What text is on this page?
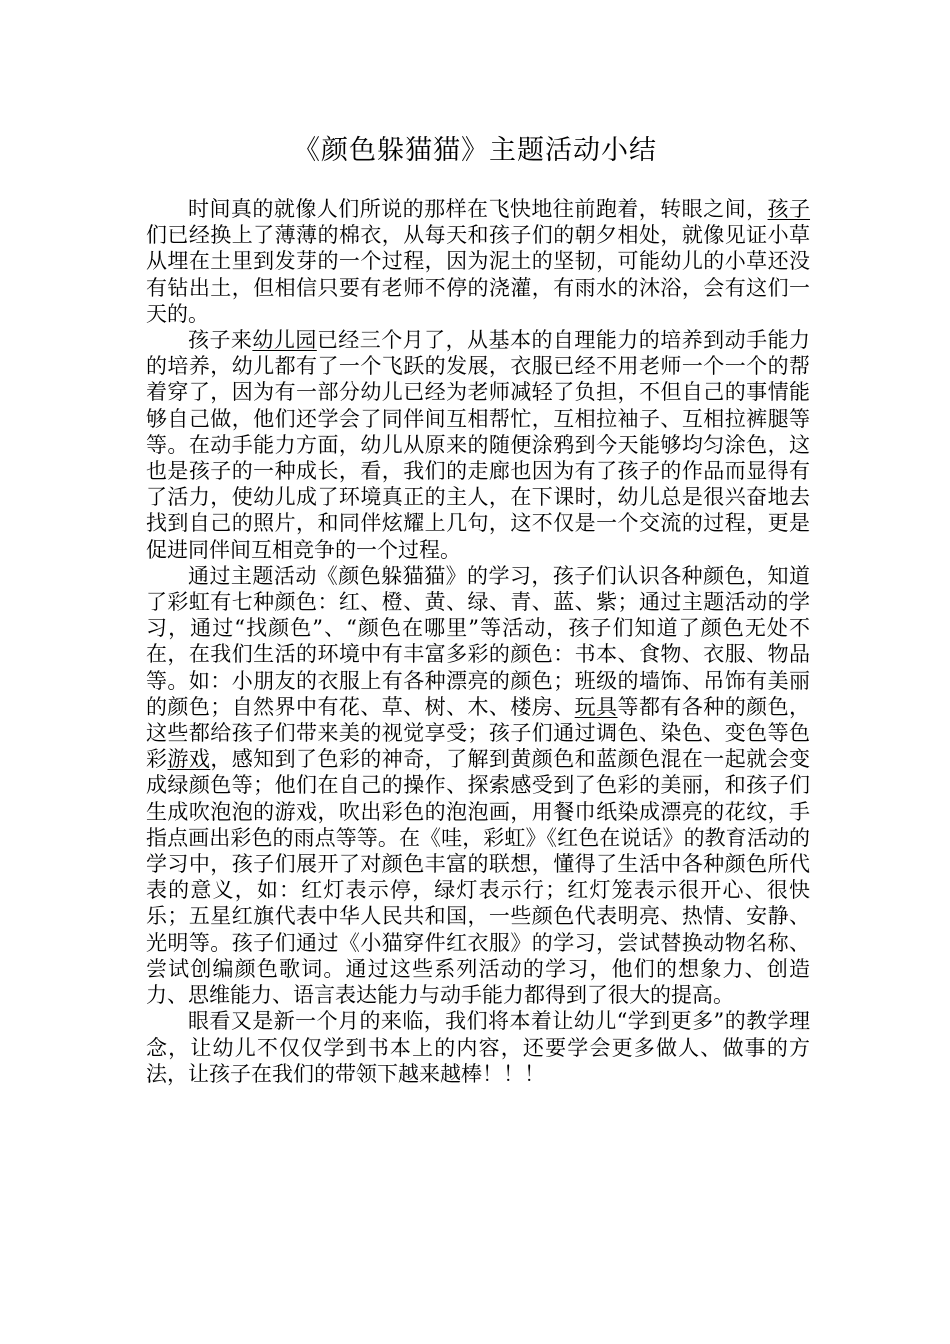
《颜色躲猫猫》主题活动小结

时间真的就像人们所说的那样在飞快地往前跑着，转眼之间，孩子们已经换上了薄薄的棉衣，从每天和孩子们的朝夕相处，就像见证小草从埋在土里到发芽的一个过程，因为泥土的坚韧，可能幼儿的小草还没有钻出土，但相信只要有老师不停的浇灌，有雨水的沐浴，会有这们一天的。

孩子来幼儿园已经三个月了，从基本的自理能力的培养到动手能力的培养，幼儿都有了一个飞跃的发展，衣服已经不用老师一个一个的帮着穿了，因为有一部分幼儿已经为老师减轻了负担，不但自己的事情能够自己做，他们还学会了同伴间互相帮忙，互相拉袖子、互相拉裤腿等等。在动手能力方面，幼儿从原来的随便涂鸦到今天能够均匀涂色，这也是孩子的一种成长，看，我们的走廊也因为有了孩子的作品而显得有了活力，使幼儿成了环境真正的主人，在下课时，幼儿总是很兴奋地去找到自己的照片，和同伴炫耀上几句，这不仅是一个交流的过程，更是促进同伴间互相竞争的一个过程。

通过主题活动《颜色躲猫猫》的学习，孩子们认识各种颜色，知道了彩虹有七种颜色：红、橙、黄、绿、青、蓝、紫；通过主题活动的学习，通过“找颜色”、“颜色在哪里”等活动，孩子们知道了颜色无处不在，在我们生活的环境中有丰富多彩的颜色：书本、食物、衣服、物品等。如：小朋友的衣服上有各种漂亮的颜色；班级的墙饰、吊饰有美丽的颜色；自然界中有花、草、树、木、楼房、玩具等都有各种的颜色，这些都给孩子们带来美的视觉享受；孩子们通过调色、染色、变色等色彩游戏，感知到了色彩的神奇，了解到黄颜色和蓝颜色混在一起就会变成绿颜色等；他们在自己的操作、探索感受到了色彩的美丽，和孩子们生成吹泡泡的游戏，吹出彩色的泡泡画，用餐巾纸染成漂亮的花纹，手指点画出彩色的雨点等等。在《哇，彩虹》《红色在说话》的教育活动的学习中，孩子们展开了对颜色丰富的联想，懂得了生活中各种颜色所代表的意义，如：红灯表示停，绿灯表示行；红灯笼表示很开心、很快乐；五星红旗代表中华人民共和国，一些颜色代表明亮、热情、安静、光明等。孩子们通过《小猫穿件红衣服》的学习，尝试替换动物名称、尝试创编颜色歌词。通过这些系列活动的学习，他们的想象力、创造力、思维能力、语言表达能力与动手能力都得到了很大的提高。

眼看又是新一个月的来临，我们将本着让幼儿“学到更多”的教学理念，让幼儿不仅仅学到书本上的内容，还要学会更多做人、做事的方法，让孩子在我们的带领下越来越棒！！！
